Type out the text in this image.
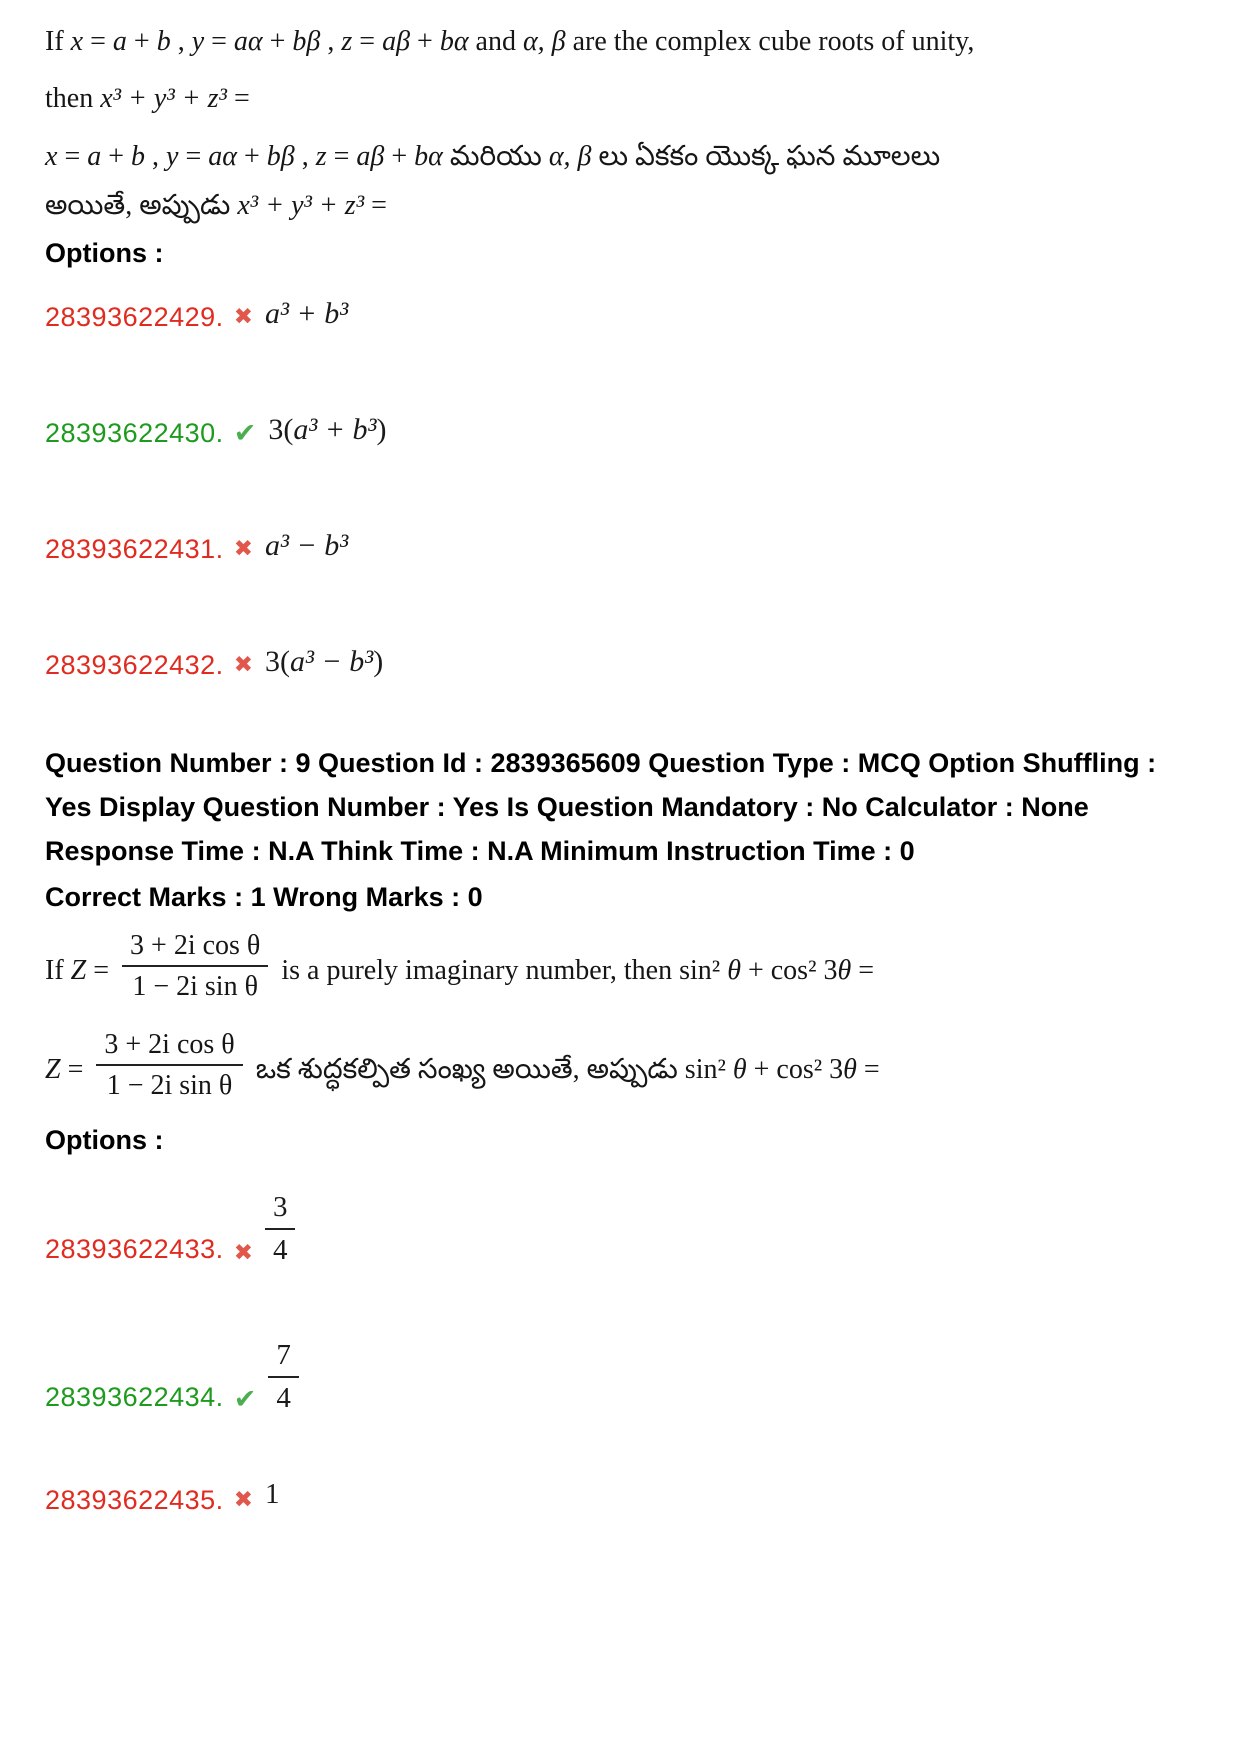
If x = a + b , y = aα + bβ , z = aβ + bα and α, β are the complex cube roots of unity,

then x³ + y³ + z³ =

x = a + b , y = aα + bβ , z = aβ + bα మరియు α, β లు ఏకకం యొక్క ఘన మూలలు

అయితే, అప్పుడు x³ + y³ + z³ =

Options :

28393622429. ✖ a³ + b³
28393622430. ✔ 3(a³ + b³)
28393622431. ✖ a³ − b³
28393622432. ✖ 3(a³ − b³)

Question Number : 9 Question Id : 2839365609 Question Type : MCQ Option Shuffling : Yes Display Question Number : Yes Is Question Mandatory : No Calculator : None Response Time : N.A Think Time : N.A Minimum Instruction Time : 0

Correct Marks : 1 Wrong Marks : 0

If $Z = \frac{\text{3 + 2i cos θ}}{\text{1 − 2i sin θ}}$ is a purely imaginary number, then sin² θ + cos² 3θ =
$Z = \frac{\text{3 + 2i cos θ}}{\text{1 − 2i sin θ}}$ ఒక శుద్ధకల్పిత సంఖ్య అయితే, అప్పుడు sin² θ + cos² 3θ =

Options :

28393622433. ✖ $\frac{3}{4}$
28393622434. ✔ $\frac{7}{4}$
28393622435. ✖ 1
